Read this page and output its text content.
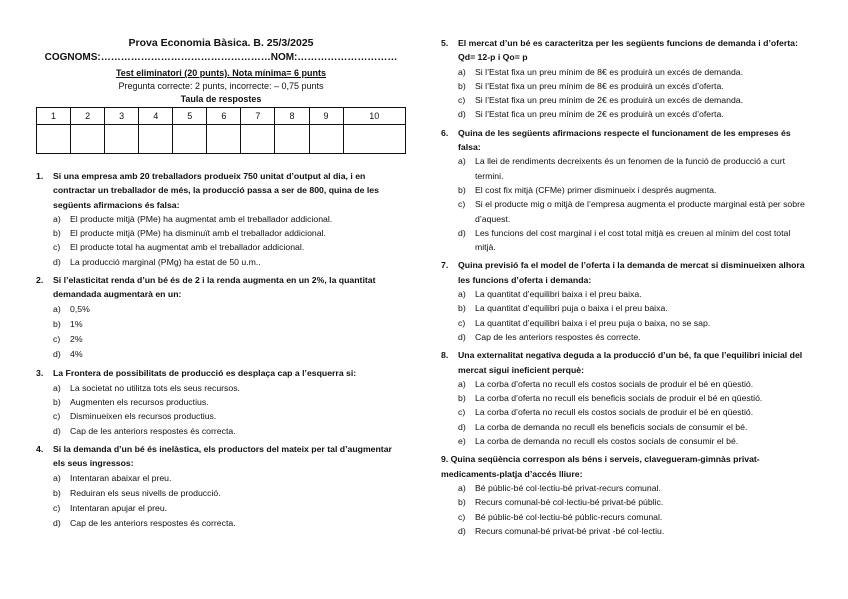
Prova Economia Bàsica. B. 25/3/2025
COGNOMS:……………………………………………NOM:…………………………
Test eliminatori (20 punts). Nota mínima= 6 punts
Pregunta correcte: 2 punts, incorrecte: – 0,75 punts
Taula de respostes
1	2	3	4	5	6	7	8	9	10

1.	Si una empresa amb 20 treballadors produeix 750 unitat d’output al dia, i en contractar un treballador de més, la producció passa a ser de 800, quina de les següents afirmacions és falsa:
a)	El producte mitjà (PMe) ha augmentat amb el treballador addicional.
b)	El producte mitjà (PMe) ha disminuït amb el treballador addicional.
c)	El producte total ha augmentat amb el treballador addicional.
d)	La producció marginal (PMg) ha estat de 50 u.m..
2.	Si l’elasticitat renda d’un bé és de 2 i la renda augmenta en un 2%, la quantitat demandada augmentarà en un:
a)	0,5%
b)	1%
c)	2%
d)	4%
3.	La Frontera de possibilitats de producció es desplaça cap a l’esquerra si:
a)	La societat no utilitza tots els seus recursos.
b)	Augmenten els recursos productius.
c)	Disminueixen els recursos productius.
d)	Cap de les anteriors respostes és correcta.
4.	Si la demanda d’un bé és inelàstica, els productors del mateix per tal d’augmentar els seus ingressos:
a)	Intentaran abaixar el preu.
b)	Reduiran els seus nivells de producció.
c)	Intentaran apujar el preu.
d)	Cap de les anteriors respostes és correcta.
5.	El mercat d’un bé es caracteritza per les següents funcions de demanda i d’oferta: Qd= 12-p i Qo= p
a)	Si l’Estat fixa un preu mínim de 8€ es produirà un excés de demanda.
b)	Si l’Estat fixa un preu mínim de 8€ es produirà un excés d’oferta.
c)	Si l’Estat fixa un preu mínim de 2€ es produirà un excés de demanda.
d)	Si l’Estat fica un preu mínim de 2€ es produirà un excés d’oferta.
6.	Quina de les següents afirmacions respecte el funcionament de les empreses és falsa:
a)	La llei de rendiments decreixents és un fenomen de la funció de producció a curt termini.
b)	El cost fix mitjà (CFMe) primer disminueix i després augmenta.
c)	Si el producte mig o mitjà de l’empresa augmenta el producte marginal està per sobre d’aquest.
d)	Les funcions del cost marginal i el cost total mitjà es creuen al mínim del cost total mitjà.
7.	Quina previsió fa el model de l’oferta i la demanda de mercat si disminueixen alhora les funcions d’oferta i demanda:
a)	La quantitat d’equilibri baixa i el preu baixa.
b)	La quantitat d’equilibri puja o baixa i el preu baixa.
c)	La quantitat d’equilibri baixa i el preu puja o baixa, no se sap.
d)	Cap de les anteriors respostes és correcte.
8.	Una externalitat negativa deguda a la producció d’un bé, fa que l’equilibri inicial del mercat sigui ineficient perquè:
a)	La corba d’oferta no recull els costos socials de produir el bé en qüestió.
b)	La corba d’oferta no recull els beneficis socials de produir el bé en qüestió.
c)	La corba d’oferta no recull els costos socials de produir el bé en qüestió.
d)	La corba de demanda no recull els beneficis socials de consumir el bé.
e)	La corba de demanda no recull els costos socials de consumir el bé.
9. Quina seqüència correspon als béns i serveis, clavegueram-gimnàs privat-medicaments-platja d’accés lliure:
a)	Bé públic-bé col·lectiu-bé privat-recurs comunal.
b)	Recurs comunal-bé col·lectiu-bé privat-bé públic.
c)	Bé públic-bé col·lectiu-bé públic-recurs comunal.
d)	Recurs comunal-bé privat-bé privat -bé col·lectiu.
